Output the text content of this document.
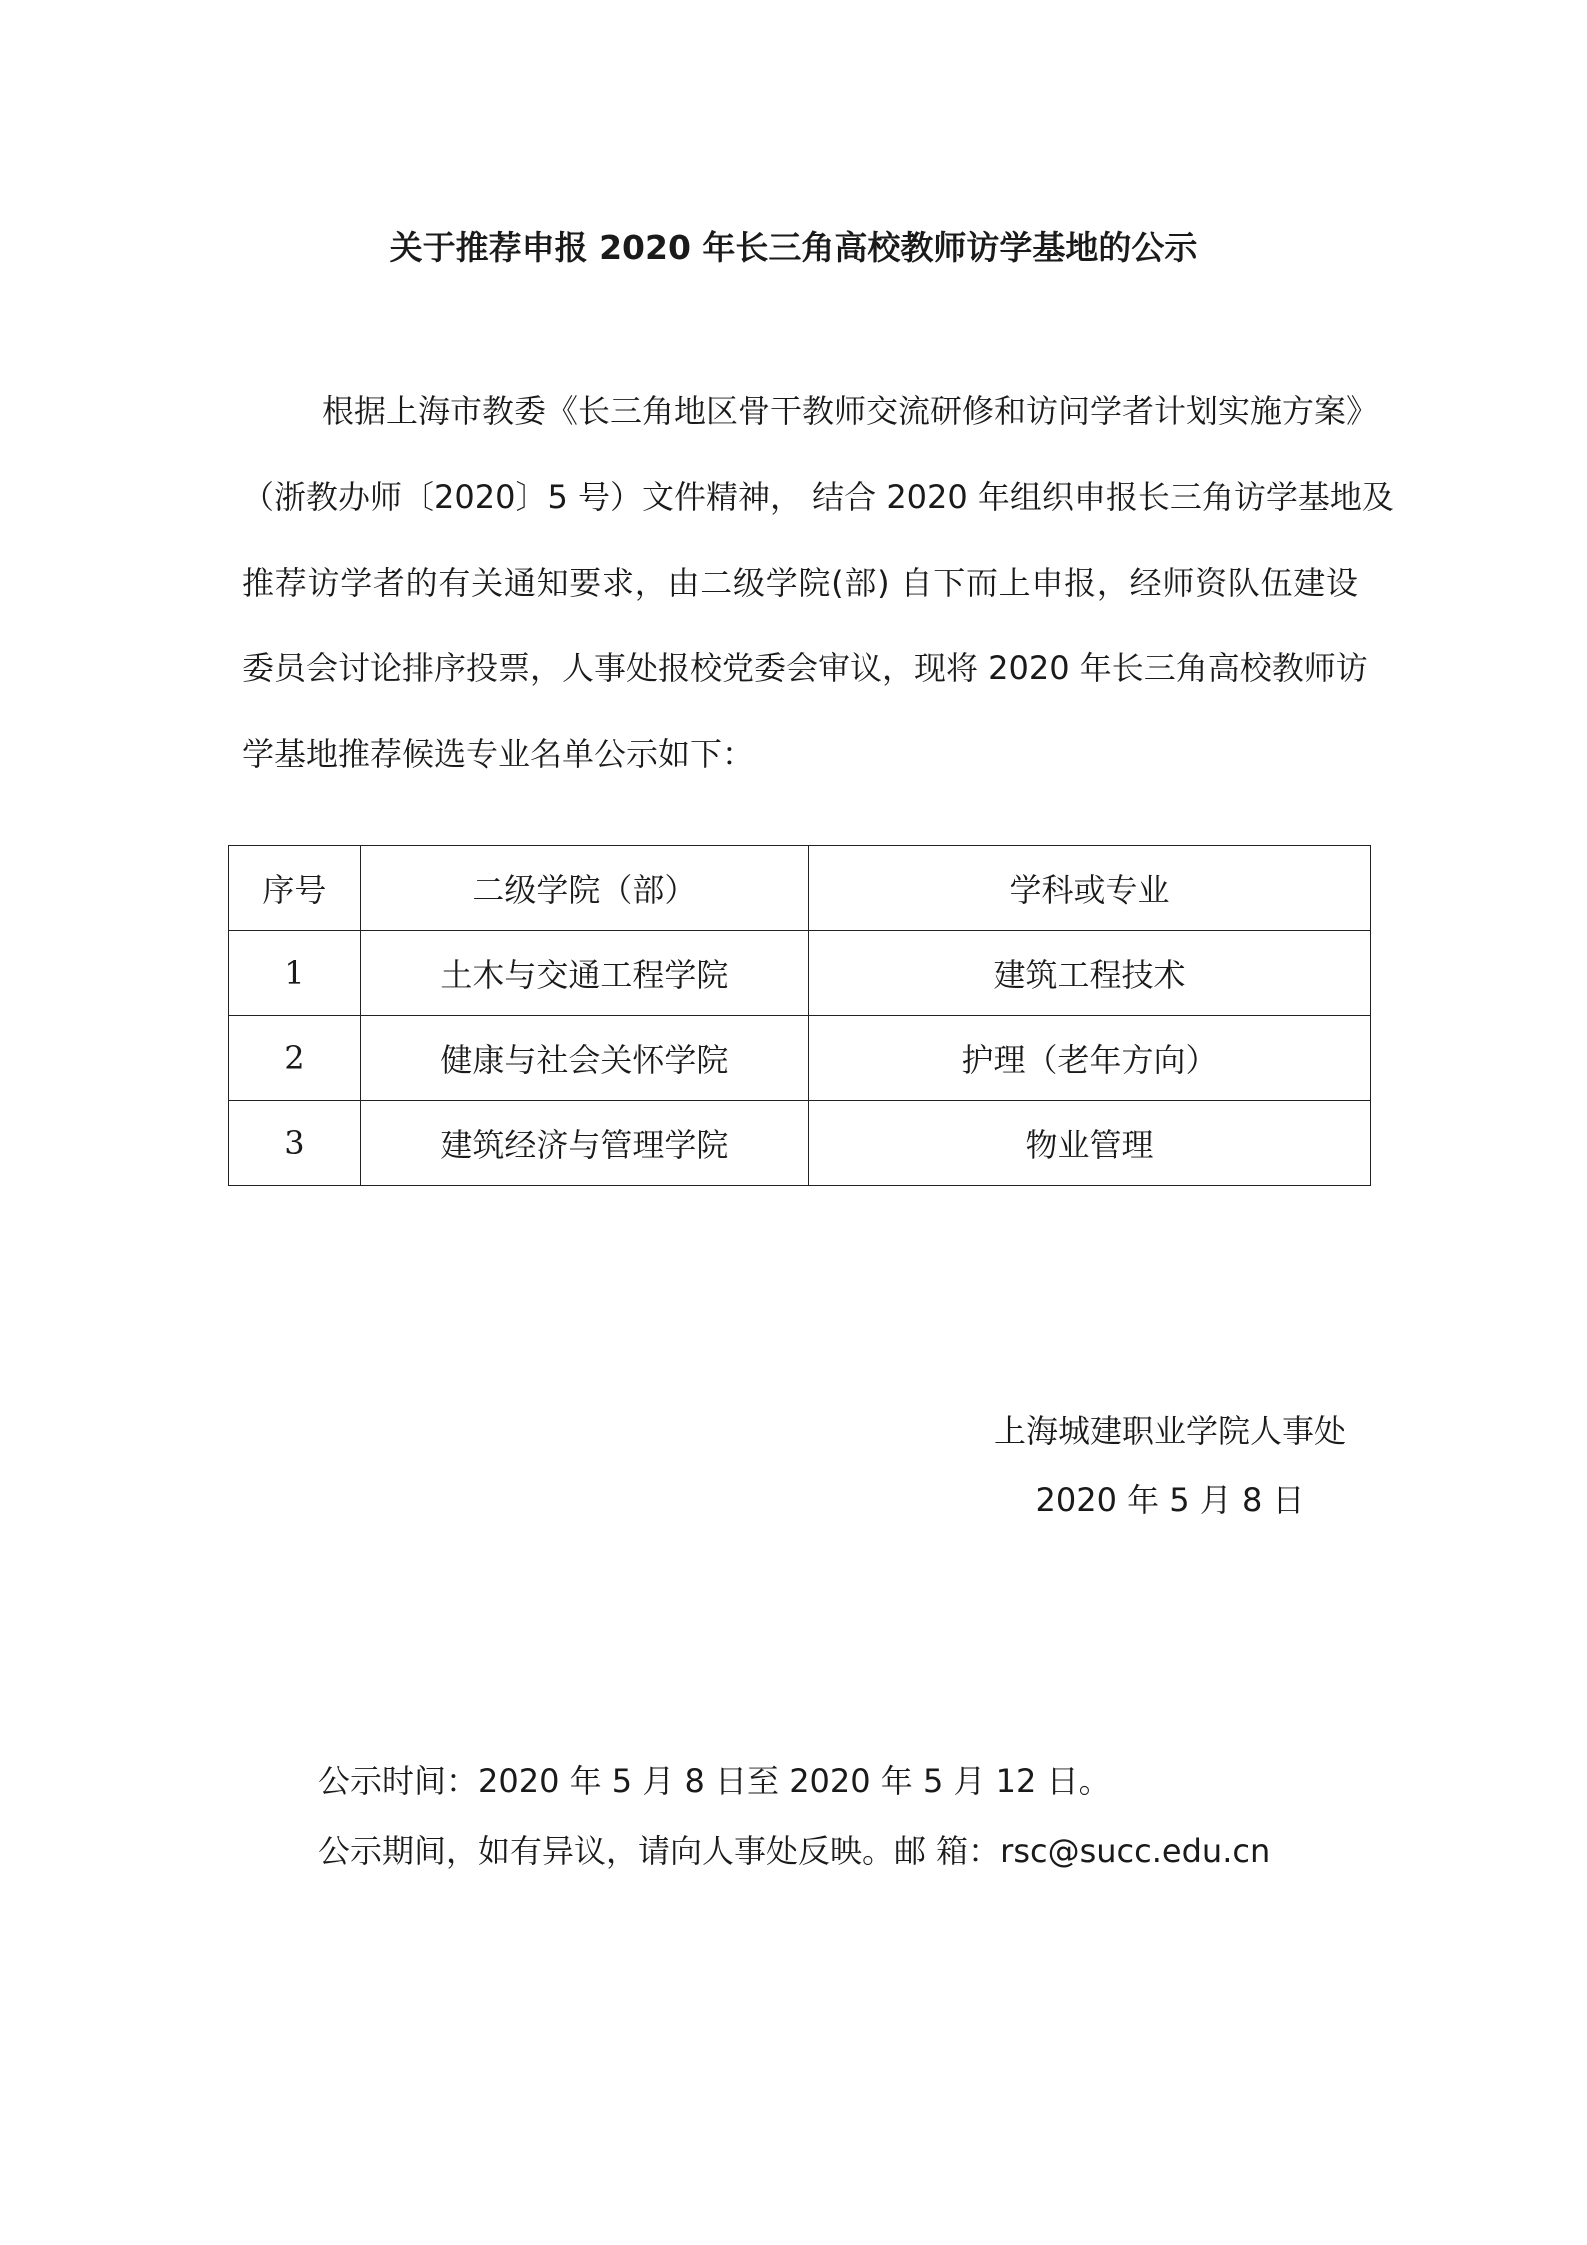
关于推荐申报 2020 年长三角高校教师访学基地的公示
根据上海市教委《长三角地区骨干教师交流研修和访问学者计划实施方案》
（浙教办师〔2020〕5 号）文件精神， 结合 2020 年组织申报长三角访学基地及
推荐访学者的有关通知要求，由二级学院(部) 自下而上申报，经师资队伍建设
委员会讨论排序投票，人事处报校党委会审议，现将 2020 年长三角高校教师访
学基地推荐候选专业名单公示如下：
序号	二级学院（部）	学科或专业
1	土木与交通工程学院	建筑工程技术
2	健康与社会关怀学院	护理（老年方向）
3	建筑经济与管理学院	物业管理
上海城建职业学院人事处
2020 年 5 月 8 日
公示时间：2020 年 5 月 8 日至 2020 年 5 月 12 日。
公示期间，如有异议，请向人事处反映。邮 箱：rsc@succ.edu.cn
